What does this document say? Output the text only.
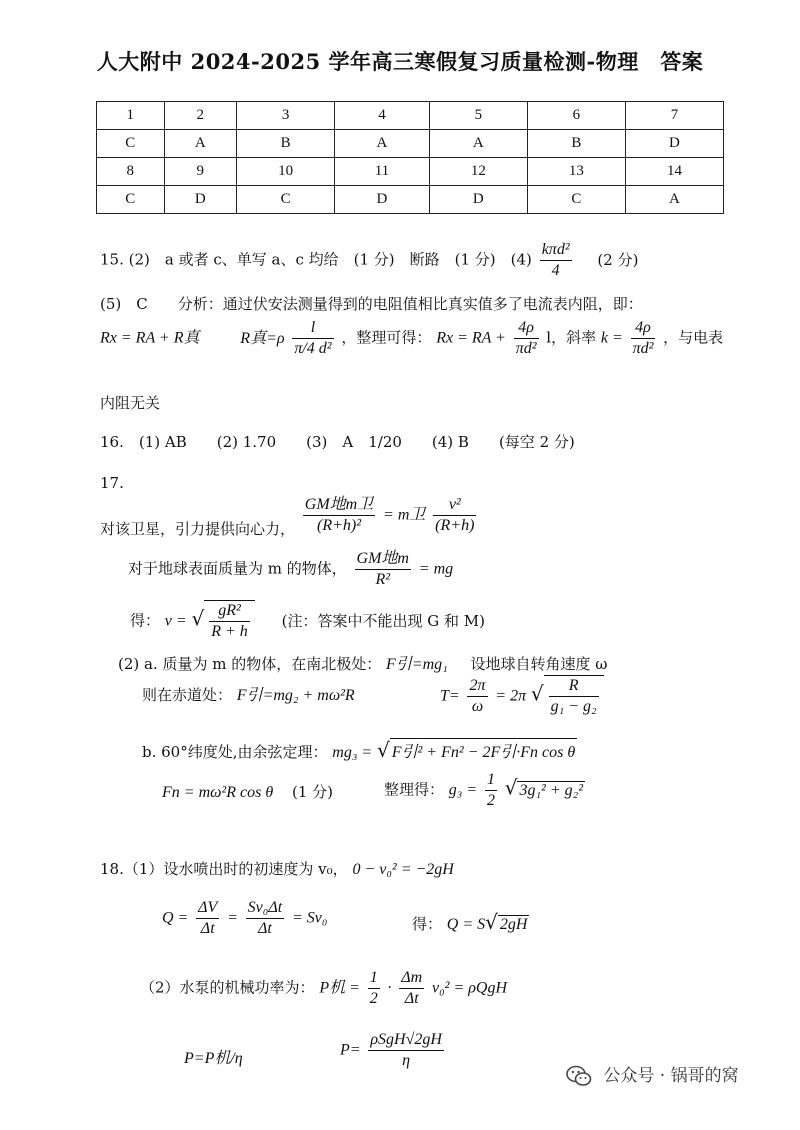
人大附中 2024-2025 学年高三寒假复习质量检测-物理　答案
1	2	3	4	5	6	7
C	A	B	A	A	B	D
8	9	10	11	12	13	14
C	D	C	D	D	C	A
15. (2)　a 或者 c、单写 a、c 均给　(1 分)　断路　(1 分)　$(4) \frac{\text{kπd²}}{4} (2$ 分)
(5)　C　　分析：通过伏安法测量得到的电阻值相比真实值多了电流表内阻，即：
Rx = RA + R真	R真$=\rho \frac{l}{\text{π/4 d²}}$ ，整理可得： Rx = RA + $\frac{4\rho}{\text{πd²}}$ l，斜率 $k = \frac{4\rho}{\text{πd²}}$ ，与电表
内阻无关
16.　(1) AB　　(2) 1.70　　(3)　A　1/20　　(4) B　　(每空 2 分)
17.
对该卫星，引力提供向心力， $\frac{\text{GM地m卫}}{\text{(R+h)²}} = m$卫 $\frac{\text{v²}}{(R+h)}$
对于地球表面质量为 m 的物体， $\frac{\text{GM地m}}{\text{R²}}$ = mg
得： v = √ $\frac{\text{gR²}}{R + h}$ (注：答案中不能出现 G 和 M)
(2) a. 质量为 m 的物体，在南北极处： F引=mg₁ 设地球自转角速度 ω
则在赤道处： F引=mg₂ + mω²R	$T= \frac{2\pi}{\omega} = 2\pi$ √ $\frac{R}{\text{g₁ − g₂}}$
b. 60°纬度处,由余弦定理： mg₃ = √ F引² + Fn² − 2F引·Fn cos θ
Fn = mω²R cos θ (1 分)	整理得： $g_3 = \frac{1}{2}$ √ 3g₁² + g₂²
18.（1）设水喷出时的初速度为 v₀， 0 − v₀² = −2gH
$Q = \frac{\Delta V}{\Delta t} = \frac{\text{Sv₀Δt}}{\Delta t} = Sv_0$	得： Q = S√ 2gH
（2）水泵的机械功率为： P机 = $\frac{1}{2} \cdot \frac{\Delta m}{\Delta t} v_0^2 = \rho QgH$
P=P机/η	$P= \frac{\text{ρSgH√2gH}}{\eta}$
公众号 · 锅哥的窝
